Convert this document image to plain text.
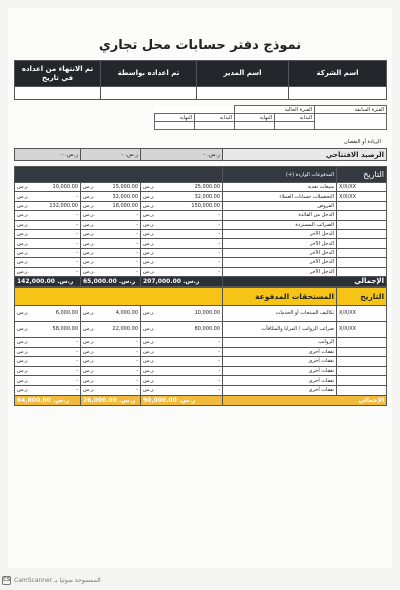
نموذج دفتر حسابات محل تجاري
تم الانتهاء من اعداده في تاريخ	تم اعداده بواسطة	اسم المدير	اسم الشركة

		الفترة الحالية		الفترة السابقة
النهاية	البداية	النهاية	البداية	

الزيادة أو النقصان
ر.س. -	ر.س. -	ر.س. -	الرصيد الافتتاحي
			المدفوعات الواردة (+)	التاريخ

ر.س. 10,000.00	ر.س. 15,000.00	ر.س. 25,000.00	مبيعات نقدية	X/X/XX

ر.س. -	ر.س. 32,000.00	ر.س. 32,000.00	التحصيلات حسابات العملاء	X/X/XX

ر.س. 132,000.00	ر.س. 18,000.00	ر.س. 150,000.00	القروض	

ر.س. -	ر.س. -	ر.س. -	الدخل من الفائدة	

ر.س. -	ر.س. -	ر.س. -	الضرائب المستردة	

ر.س. -	ر.س. -	ر.س. -	الدخل الآخر	

ر.س. -	ر.س. -	ر.س. -	الدخل الآخر	

ر.س. -	ر.س. -	ر.س. -	الدخل الآخر	

ر.س. -	ر.س. -	ر.س. -	الدخل الآخر	

ر.س. -	ر.س. -	ر.س. -	الدخل الآخر	
ر.س. 142,000.00	ر.س. 65,000.00	ر.س. 207,000.00	الإجمالي	
			المستحقات المدفوعة	التاريخ

ر.س. 6,000.00	ر.س. 4,000.00	ر.س. 10,000.00	تكاليف المنتجات أو الخدمات	X/X/XX

ر.س. 58,000.00	ر.س. 22,000.00	ر.س. 80,000.00	ضرائب الرواتب / المزايا والمكافآت	X/X/XX

ر.س. -	ر.س. -	ر.س. -	الرواتب	

ر.س. -	ر.س. -	ر.س. -	نفقات أخرى	

ر.س. -	ر.س. -	ر.س. -	نفقات أخرى	

ر.س. -	ر.س. -	ر.س. -	نفقات أخرى	

ر.س. -	ر.س. -	ر.س. -	نفقات أخرى	

ر.س. -	ر.س. -	ر.س. -	نفقات أخرى	
ر.س. 64,000.00	ر.س. 26,000.00	ر.س. 90,000.00	الإجمالي	
CS CamScanner الممسوحة ضوئيا بـ
